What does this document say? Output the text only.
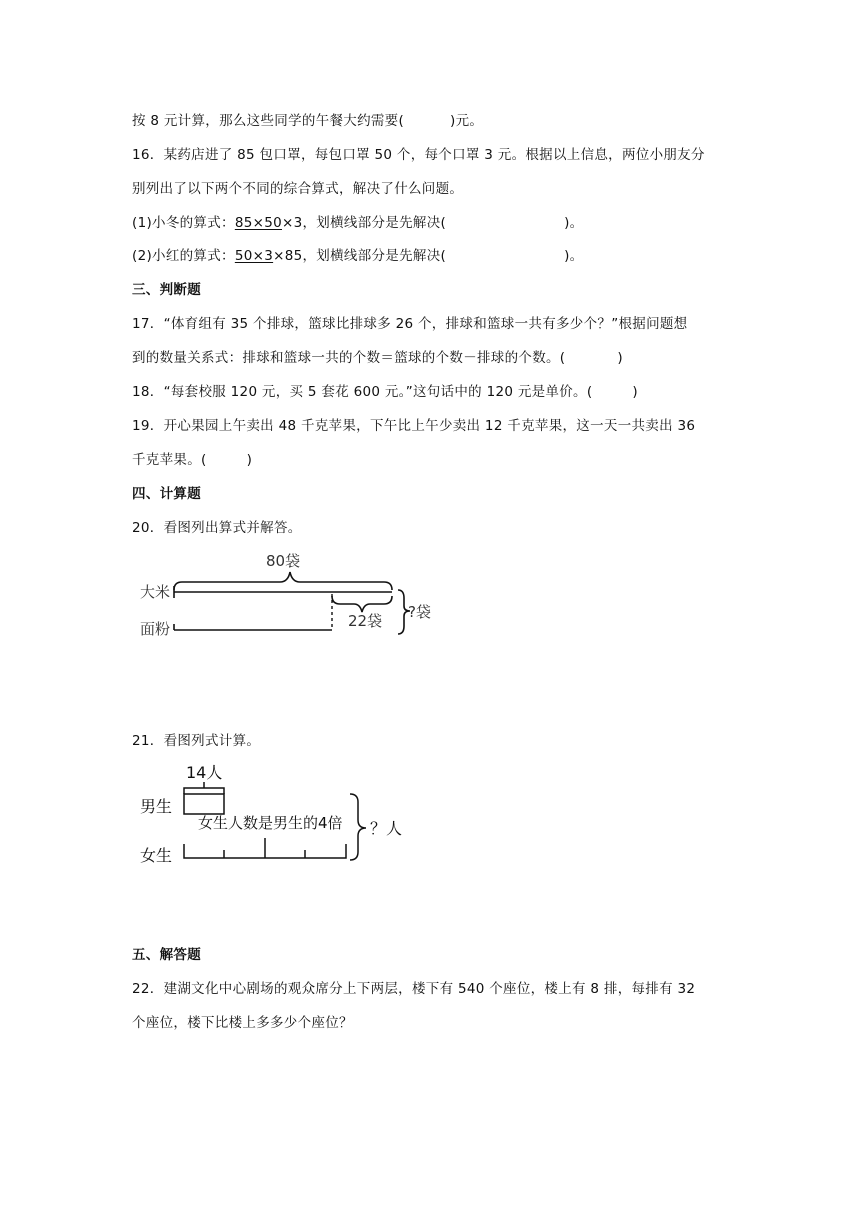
按 8 元计算，那么这些同学的午餐大约需要(	)元。
16．某药店进了 85 包口罩，每包口罩 50 个，每个口罩 3 元。根据以上信息，两位小朋友分
别列出了以下两个不同的综合算式，解决了什么问题。
(1)小冬的算式：85×50×3，划横线部分是先解决(	)。
(2)小红的算式：50×3×85，划横线部分是先解决(	)。
三、判断题
17．“体育组有 35 个排球，篮球比排球多 26 个，排球和篮球一共有多少个？”根据问题想
到的数量关系式：排球和篮球一共的个数＝篮球的个数－排球的个数。(	)
18．“每套校服 120 元，买 5 套花 600 元。”这句话中的 120 元是单价。(	)
19．开心果园上午卖出 48 千克苹果，下午比上午少卖出 12 千克苹果，这一天一共卖出 36
千克苹果。(	)
四、计算题
20．看图列出算式并解答。
80袋
大米
22袋
面粉
?袋
21．看图列式计算。
14人
男生
女生人数是男生的4倍
女生
？人
五、解答题
22．建湖文化中心剧场的观众席分上下两层，楼下有 540 个座位，楼上有 8 排，每排有 32
个座位，楼下比楼上多多少个座位？
